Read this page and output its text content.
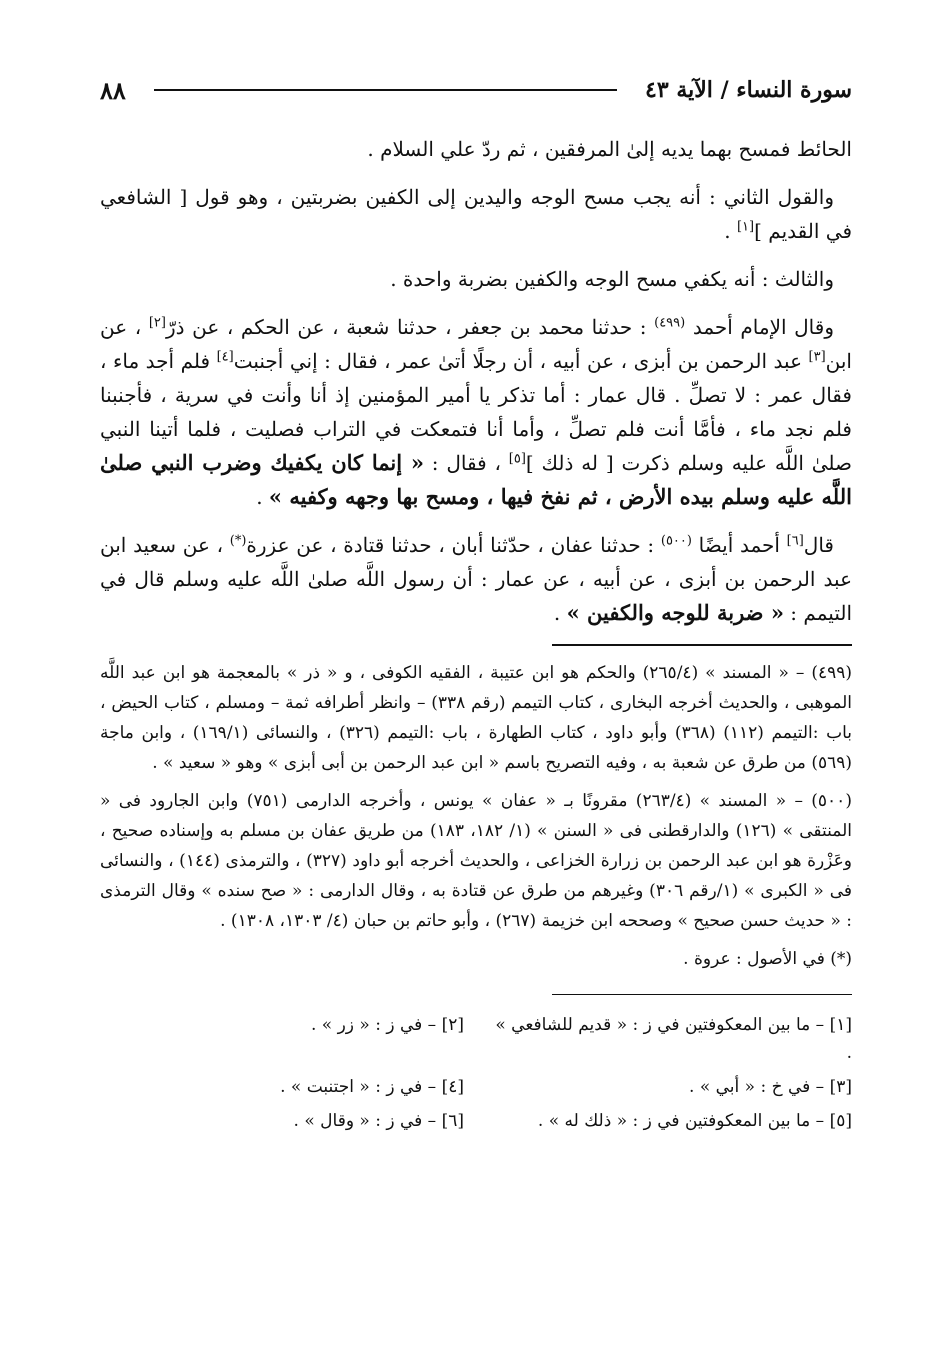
٨٨	سورة النساء / الآية ٤٣

الحائط فمسح بهما يديه إلىٰ المرفقين ، ثم ردّ علي السلام .

والقول الثاني : أنه يجب مسح الوجه واليدين إلى الكفين بضربتين ، وهو قول [ الشافعي في القديم ][١] .

والثالث : أنه يكفي مسح الوجه والكفين بضربة واحدة .

وقال الإمام أحمد $^{(٤٩٩)}$ : حدثنا محمد بن جعفر ، حدثنا شعبة ، عن الحكم ، عن ذرّ[٢] ، عن ابن[٣] عبد الرحمن بن أبزى ، عن أبيه ، أن رجلًا أتىٰ عمر ، فقال : إني أجنبت[٤] فلم أجد ماء ، فقال عمر : لا تصلِّ . قال عمار : أما تذكر يا أمير المؤمنين إذ أنا وأنت في سرية ، فأجنبنا فلم نجد ماء ، فأمَّا أنت فلم تصلِّ ، وأما أنا فتمعكت في التراب فصليت ، فلما أتينا النبي صلىٰ اللَّه عليه وسلم ذكرت [ له ذلك ][٥] ، فقال : « إنما كان يكفيك وضرب النبي صلىٰ اللَّه عليه وسلم بيده الأرض ، ثم نفخ فيها ، ومسح بها وجهه وكفيه » .

قال[٦] أحمد أيضًا $^{(٥٠٠)}$ : حدثنا عفان ، حدّثنا أبان ، حدثنا قتادة ، عن عزرة(*) ، عن سعيد ابن عبد الرحمن بن أبزى ، عن أبيه ، عن عمار : أن رسول اللَّه صلىٰ اللَّه عليه وسلم قال في التيمم : « ضربة للوجه والكفين » .

(٤٩٩) – « المسند » (٢٦٥/٤) والحكم هو ابن عتيبة ، الفقيه الكوفى ، و « ذر » بالمعجمة هو ابن عبد اللَّه الموهبى ، والحديث أخرجه البخارى ، كتاب التيمم (رقم ٣٣٨) – وانظر أطرافه ثمة – ومسلم ، كتاب الحيض ، باب :التيمم (١١٢) (٣٦٨) وأبو داود ، كتاب الطهارة ، باب :التيمم (٣٢٦) ، والنسائى (١٦٩/١) ، وابن ماجة (٥٦٩) من طرق عن شعبة به ، وفيه التصريح باسم « ابن عبد الرحمن بن أبى أبزى » وهو « سعيد » .

(٥٠٠) – « المسند » (٢٦٣/٤) مقرونًا بـ « عفان » يونس ، وأخرجه الدارمى (٧٥١) وابن الجارود فى « المنتقى » (١٢٦) والدارقطنى فى « السنن » (١/ ١٨٢، ١٨٣) من طريق عفان بن مسلم به وإسناده صحيح ، وعَزْرة هو ابن عبد الرحمن بن زرارة الخزاعى ، والحديث أخرجه أبو داود (٣٢٧) ، والترمذى (١٤٤) ، والنسائى فى « الكبرى » (١/رقم ٣٠٦) وغيرهم من طرق عن قتادة به ، وقال الدارمى : « صح سنده » وقال الترمذى : « حديث حسن صحيح » وصححه ابن خزيمة (٢٦٧) ، وأبو حاتم بن حبان (٤/ ١٣٠٣، ١٣٠٨) .

(*) في الأصول : عروة .

[١] – ما بين المعكوفتين في ز : « قديم للشافعي » .
[٢] – في ز : « زر » .
[٣] – في خ : « أبي » .
[٤] – في ز : « اجتنبت » .
[٥] – ما بين المعكوفتين في ز : « ذلك له » .
[٦] – في ز : « وقال » .
